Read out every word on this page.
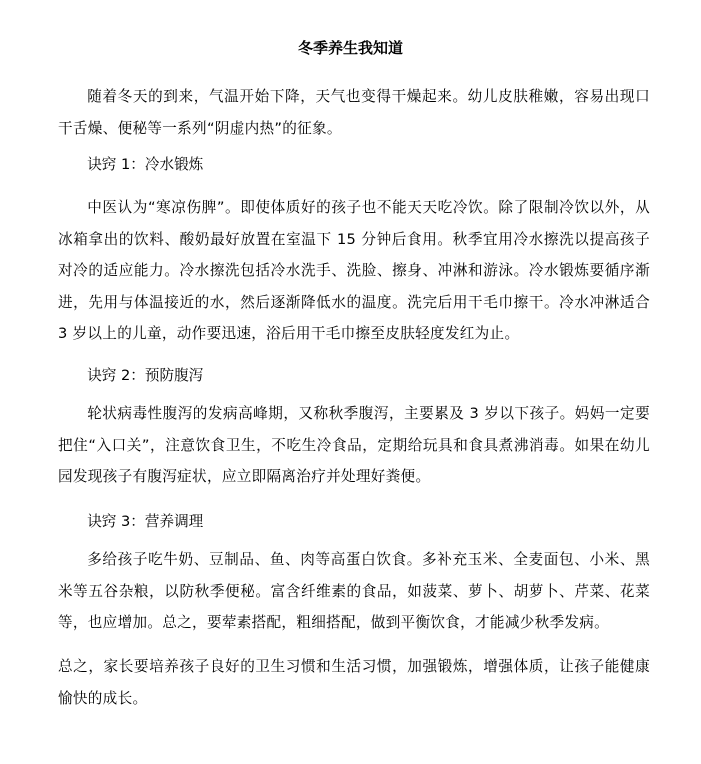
冬季养生我知道

随着冬天的到来，气温开始下降，天气也变得干燥起来。幼儿皮肤稚嫩，容易出现口干舌燥、便秘等一系列“阴虚内热”的征象。

诀窍 1：冷水锻炼

中医认为“寒凉伤脾”。即使体质好的孩子也不能天天吃冷饮。除了限制冷饮以外，从冰箱拿出的饮料、酸奶最好放置在室温下 15 分钟后食用。秋季宜用冷水擦洗以提高孩子对冷的适应能力。冷水擦洗包括冷水洗手、洗脸、擦身、冲淋和游泳。冷水锻炼要循序渐进，先用与体温接近的水，然后逐渐降低水的温度。洗完后用干毛巾擦干。冷水冲淋适合 3 岁以上的儿童，动作要迅速，浴后用干毛巾擦至皮肤轻度发红为止。

诀窍 2：预防腹泻

轮状病毒性腹泻的发病高峰期，又称秋季腹泻，主要累及 3 岁以下孩子。妈妈一定要把住“入口关”，注意饮食卫生，不吃生冷食品，定期给玩具和食具煮沸消毒。如果在幼儿园发现孩子有腹泻症状，应立即隔离治疗并处理好粪便。

诀窍 3：营养调理

多给孩子吃牛奶、豆制品、鱼、肉等高蛋白饮食。多补充玉米、全麦面包、小米、黑米等五谷杂粮，以防秋季便秘。富含纤维素的食品，如菠菜、萝卜、胡萝卜、芹菜、花菜等，也应增加。总之，要荤素搭配，粗细搭配，做到平衡饮食，才能减少秋季发病。

总之，家长要培养孩子良好的卫生习惯和生活习惯，加强锻炼，增强体质，让孩子能健康愉快的成长。
